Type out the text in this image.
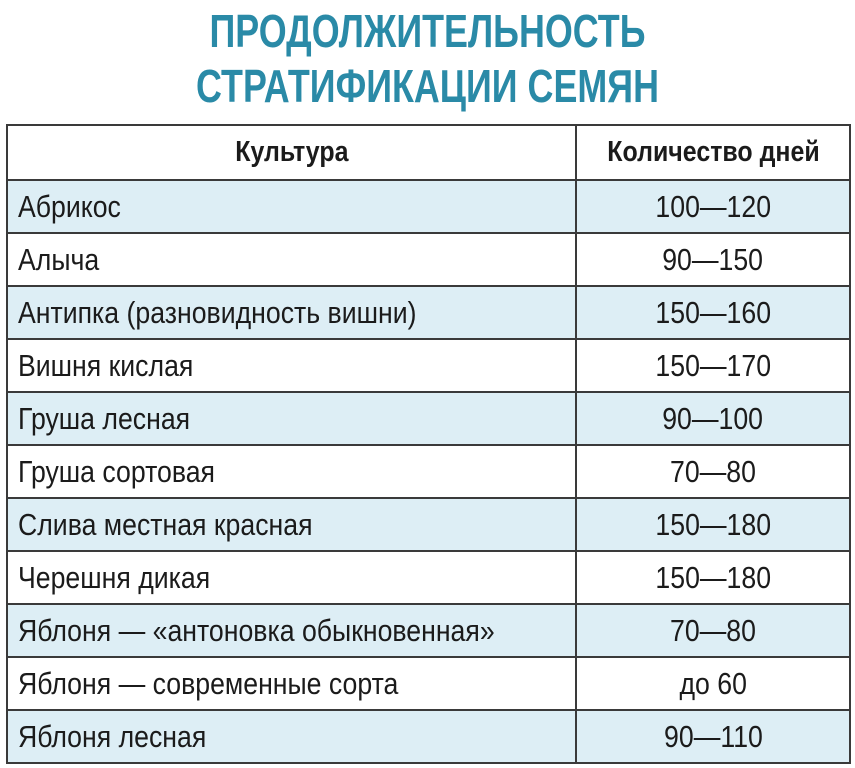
ПРОДОЛЖИТЕЛЬНОСТЬ
СТРАТИФИКАЦИИ СЕМЯН
Культура	Количество дней
Абрикос	100—120
Алыча	90—150
Антипка (разновидность вишни)	150—160
Вишня кислая	150—170
Груша лесная	90—100
Груша сортовая	70—80
Слива местная красная	150—180
Черешня дикая	150—180
Яблоня — «антоновка обыкновенная»	70—80
Яблоня — современные сорта	до 60
Яблоня лесная	90—110
